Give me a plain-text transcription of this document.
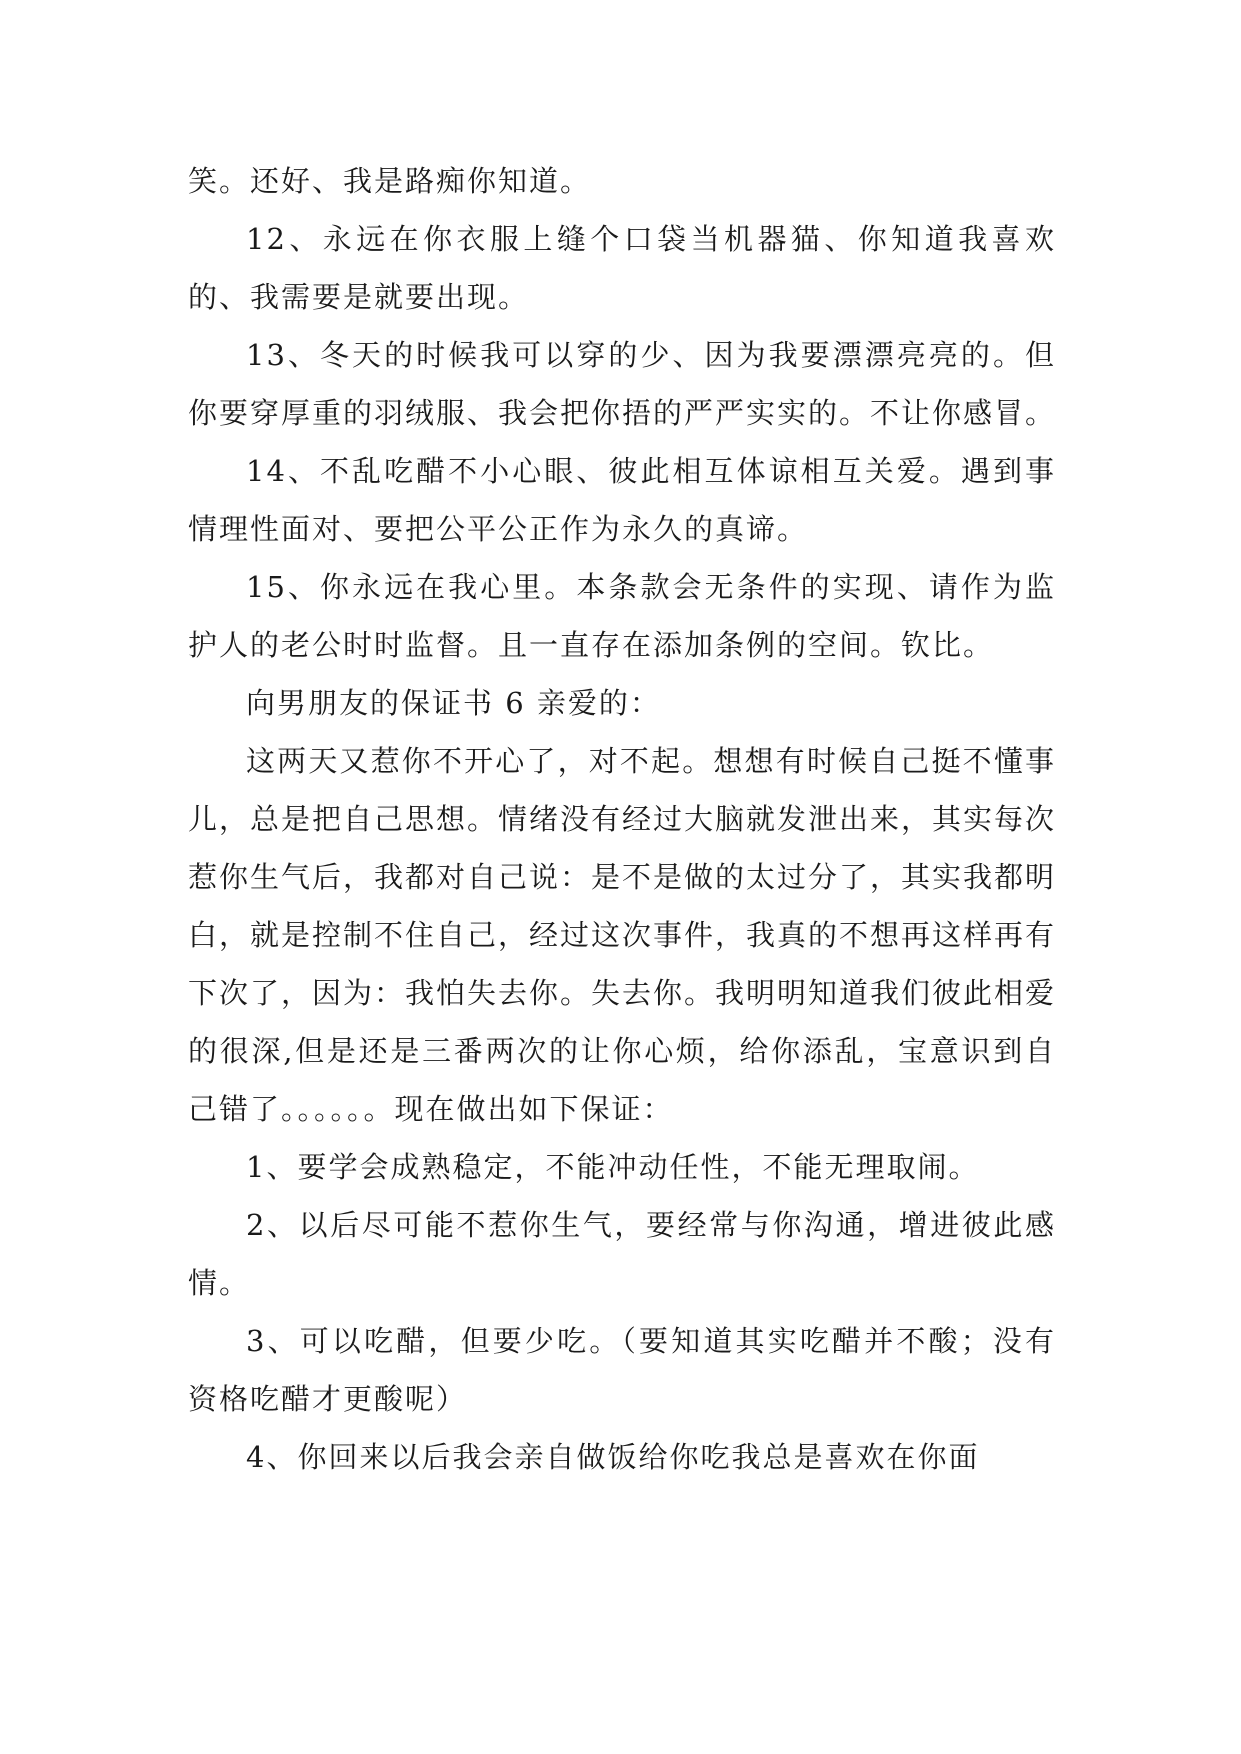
笑。还好、我是路痴你知道。

12、永远在你衣服上缝个口袋当机器猫、你知道我喜欢的、我需要是就要出现。

13、冬天的时候我可以穿的少、因为我要漂漂亮亮的。但你要穿厚重的羽绒服、我会把你捂的严严实实的。不让你感冒。

14、不乱吃醋不小心眼、彼此相互体谅相互关爱。遇到事情理性面对、要把公平公正作为永久的真谛。

15、你永远在我心里。本条款会无条件的实现、请作为监护人的老公时时监督。且一直存在添加条例的空间。钦比。

向男朋友的保证书 6 亲爱的：

这两天又惹你不开心了，对不起。想想有时候自己挺不懂事儿，总是把自己思想。情绪没有经过大脑就发泄出来，其实每次惹你生气后，我都对自己说：是不是做的太过分了，其实我都明白，就是控制不住自己，经过这次事件，我真的不想再这样再有下次了，因为：我怕失去你。失去你。我明明知道我们彼此相爱的很深,但是还是三番两次的让你心烦，给你添乱，宝意识到自己错了。。。。。。现在做出如下保证：

1、要学会成熟稳定，不能冲动任性，不能无理取闹。

2、以后尽可能不惹你生气，要经常与你沟通，增进彼此感情。

3、可以吃醋，但要少吃。（要知道其实吃醋并不酸；没有资格吃醋才更酸呢）

4、你回来以后我会亲自做饭给你吃我总是喜欢在你面
